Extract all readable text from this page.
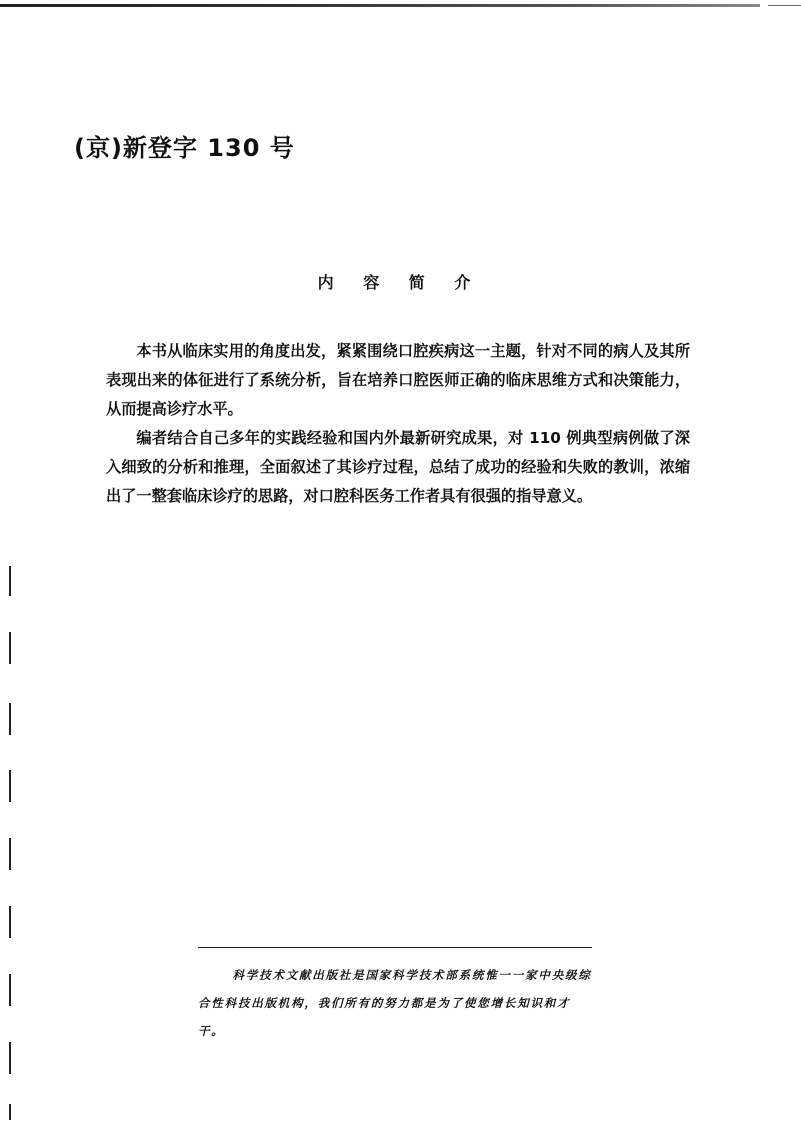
(京)新登字 130 号
内 容 简 介

本书从临床实用的角度出发，紧紧围绕口腔疾病这一主题，针对不同的病人及其所表现出来的体征进行了系统分析，旨在培养口腔医师正确的临床思维方式和决策能力，从而提高诊疗水平。

编者结合自己多年的实践经验和国内外最新研究成果，对 110 例典型病例做了深入细致的分析和推理，全面叙述了其诊疗过程，总结了成功的经验和失败的教训，浓缩出了一整套临床诊疗的思路，对口腔科医务工作者具有很强的指导意义。

科学技术文献出版社是国家科学技术部系统惟一一家中央级综合性科技出版机构，我们所有的努力都是为了使您增长知识和才干。
